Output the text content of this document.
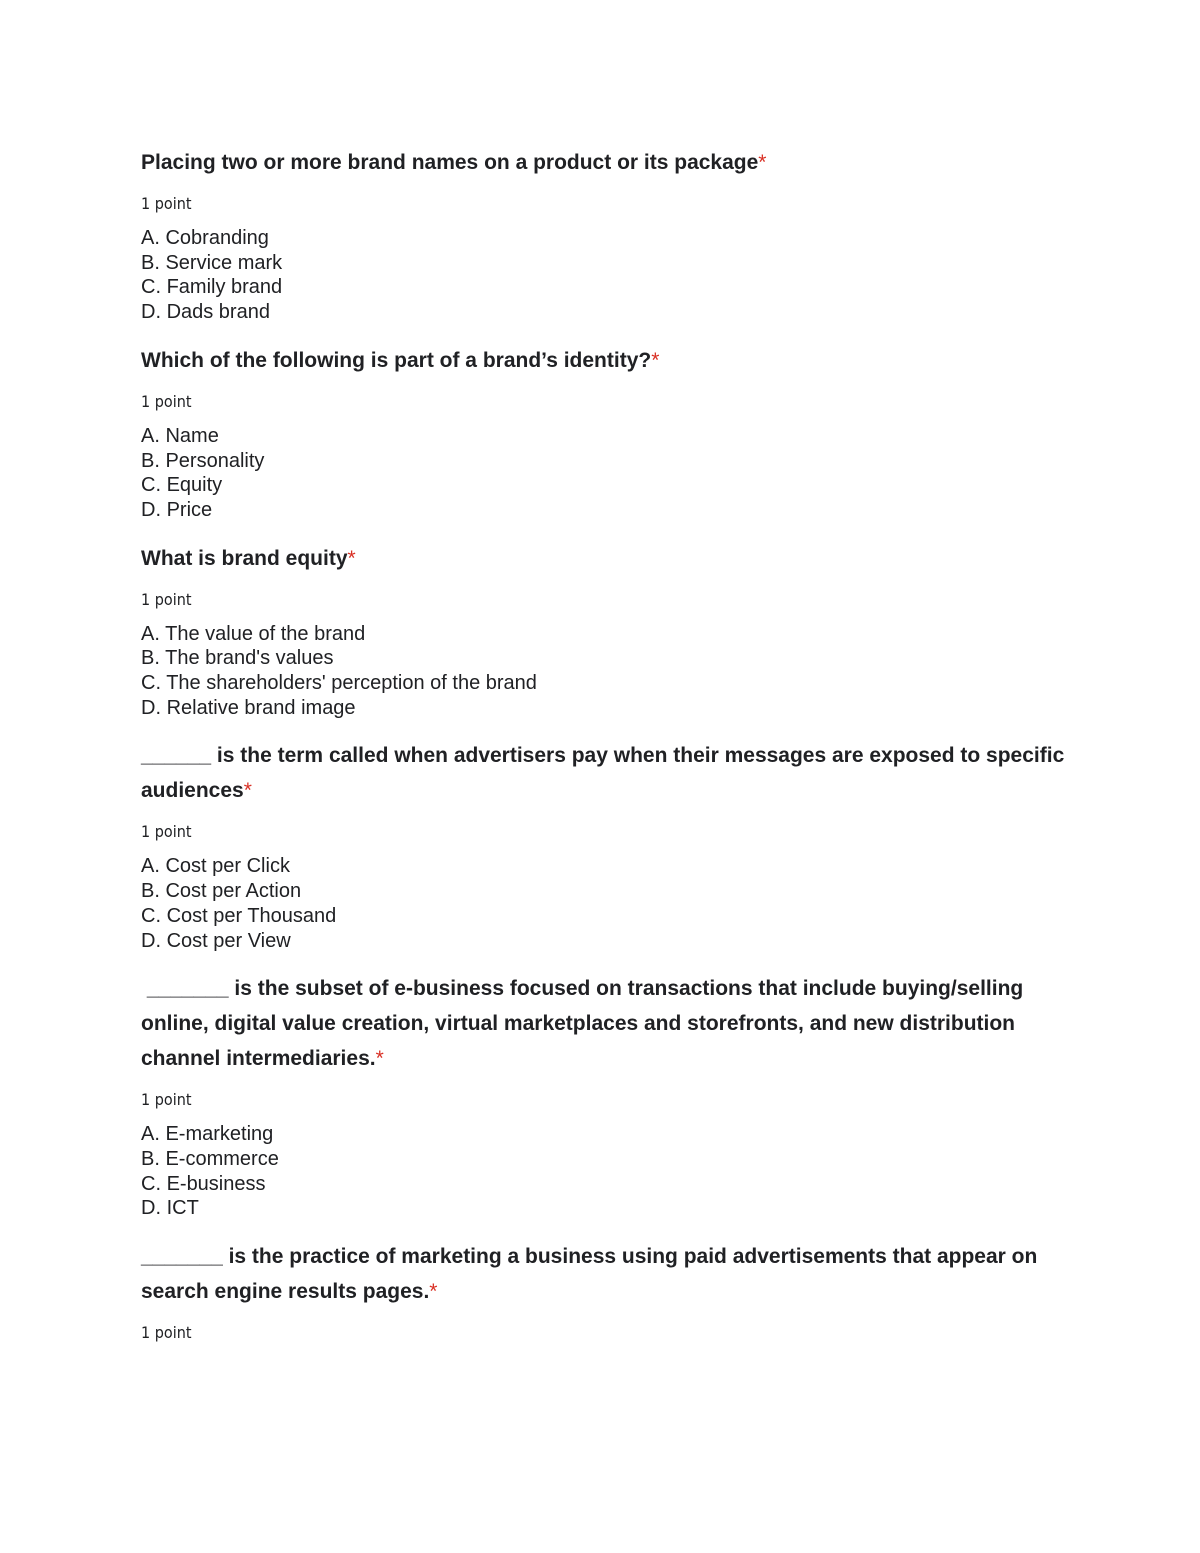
Placing two or more brand names on a product or its package*
1 point
A. Cobranding
B. Service mark
C. Family brand
D. Dads brand
Which of the following is part of a brand’s identity?*
1 point
A. Name
B. Personality
C. Equity
D. Price
What is brand equity*
1 point
A. The value of the brand
B. The brand's values
C. The shareholders' perception of the brand
D. Relative brand image
______ is the term called when advertisers pay when their messages are exposed to specific audiences*
1 point
A. Cost per Click
B. Cost per Action
C. Cost per Thousand
D. Cost per View
_______ is the subset of e-business focused on transactions that include buying/selling online, digital value creation, virtual marketplaces and storefronts, and new distribution channel intermediaries.*
1 point
A. E-marketing
B. E-commerce
C. E-business
D. ICT
_______ is the practice of marketing a business using paid advertisements that appear on search engine results pages.*
1 point
